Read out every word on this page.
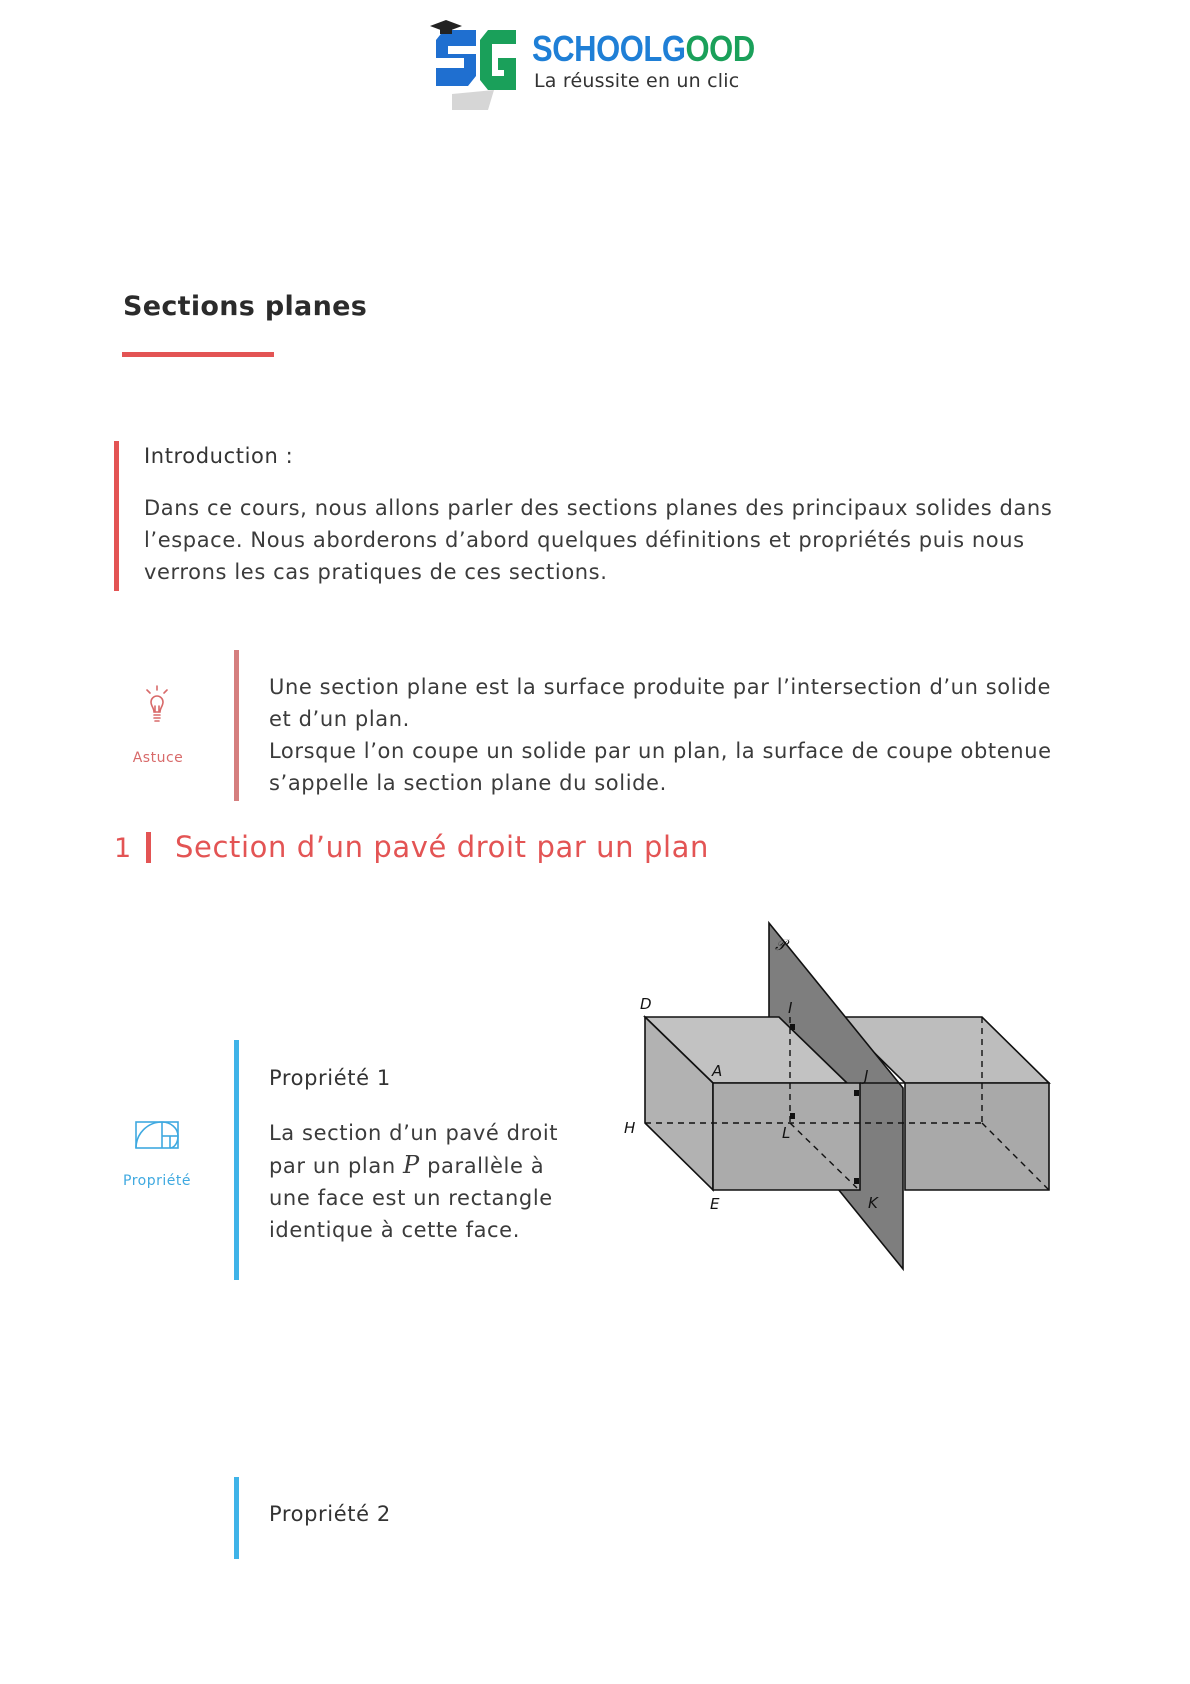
SCHOOLGOOD
La réussite en un clic
Sections planes
Introduction :
Dans ce cours, nous allons parler des sections planes des principaux solides dans l’espace. Nous aborderons d’abord quelques définitions et propriétés puis nous verrons les cas pratiques de ces sections.
Astuce

Une section plane est la surface produite par l’intersection d’un solide et d’un plan.

Lorsque l’on coupe un solide par un plan, la surface de coupe obtenue s’appelle la section plane du solide.

1 Section d’un pavé droit par un plan
Propriété
Propriété 1
La section d’un pavé droit par un plan P parallèle à une face est un rectangle identique à cette face.
𝒫
D	I
A	J
H	L
E	K
Propriété 2
